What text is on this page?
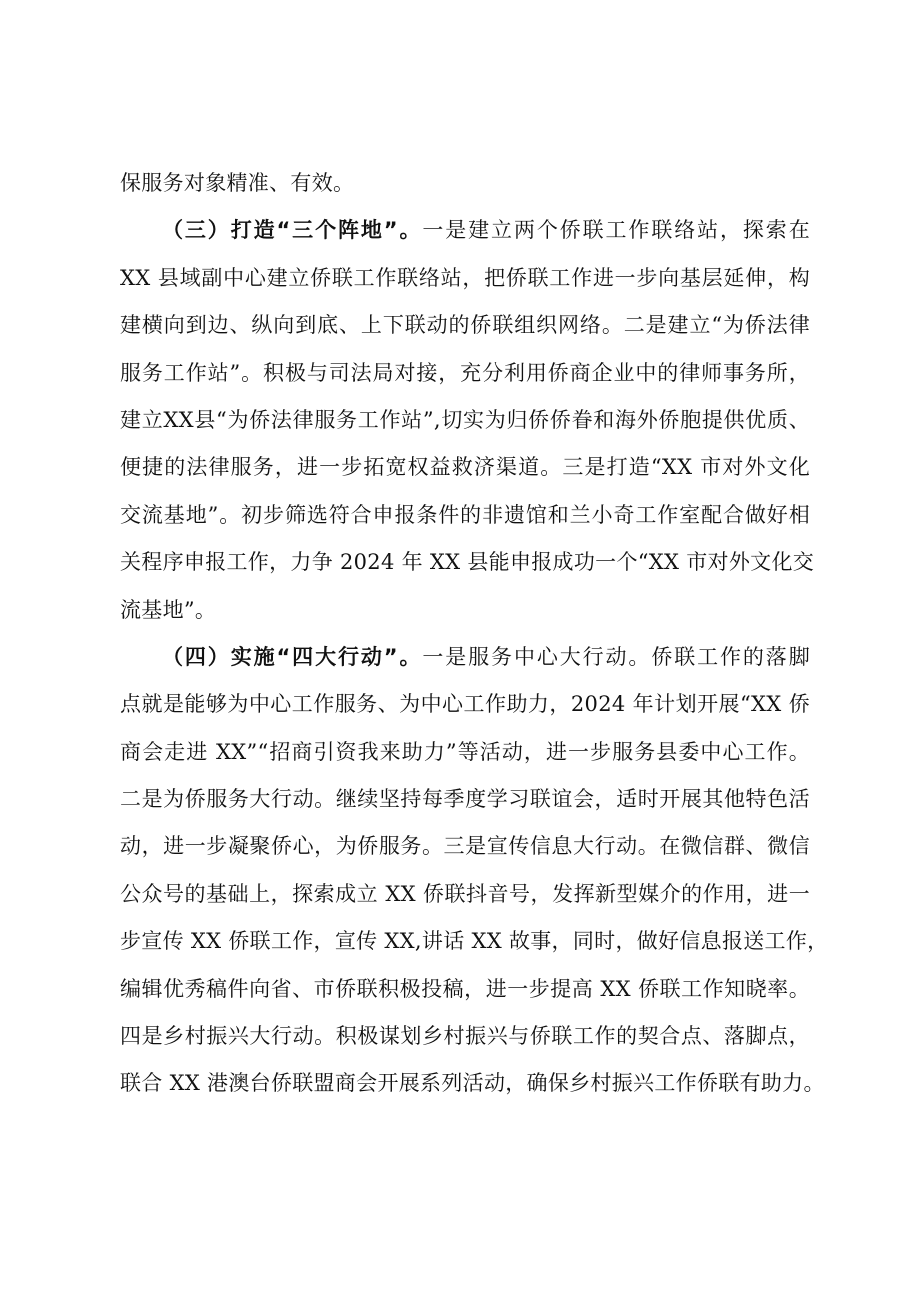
保服务对象精准、有效。
（三）打造“三个阵地”。一是建立两个侨联工作联络站，探索在
XX 县域副中心建立侨联工作联络站，把侨联工作进一步向基层延伸，构
建横向到边、纵向到底、上下联动的侨联组织网络。二是建立“为侨法律
服务工作站”。积极与司法局对接，充分利用侨商企业中的律师事务所，
建立XX县“为侨法律服务工作站”,切实为归侨侨眷和海外侨胞提供优质、
便捷的法律服务，进一步拓宽权益救济渠道。三是打造“XX 市对外文化
交流基地”。初步筛选符合申报条件的非遗馆和兰小奇工作室配合做好相
关程序申报工作，力争 2024 年 XX 县能申报成功一个“XX 市对外文化交
流基地”。
（四）实施“四大行动”。一是服务中心大行动。侨联工作的落脚
点就是能够为中心工作服务、为中心工作助力，2024 年计划开展“XX 侨
商会走进 XX”“招商引资我来助力”等活动，进一步服务县委中心工作。
二是为侨服务大行动。继续坚持每季度学习联谊会，适时开展其他特色活
动，进一步凝聚侨心，为侨服务。三是宣传信息大行动。在微信群、微信
公众号的基础上，探索成立 XX 侨联抖音号，发挥新型媒介的作用，进一
步宣传 XX 侨联工作，宣传 XX,讲话 XX 故事，同时，做好信息报送工作，
编辑优秀稿件向省、市侨联积极投稿，进一步提高 XX 侨联工作知晓率。
四是乡村振兴大行动。积极谋划乡村振兴与侨联工作的契合点、落脚点，
联合 XX 港澳台侨联盟商会开展系列活动，确保乡村振兴工作侨联有助力。
